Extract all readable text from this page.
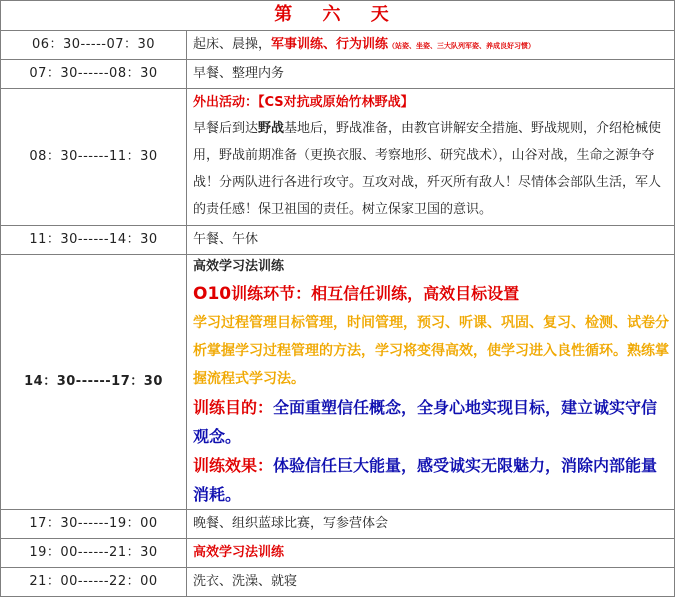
第 六 天	
06：30-----07：30	起床、晨操，军事训练、行为训练（站姿、坐姿、三大队列军姿、养成良好习惯）
07：30------08：30	早餐、整理内务
08：30------11：30	外出活动：【CS对抗或原始竹林野战】
早餐后到达野战基地后，野战准备，由教官讲解安全措施、野战规则，介绍枪械使用，野战前期准备（更换衣服、考察地形、研究战术），山谷对战，生命之源争夺战！分两队进行各进行攻守。互攻对战，歼灭所有敌人！尽情体会部队生活，军人的责任感！保卫祖国的责任。树立保家卫国的意识。

11：30------14：30	午餐、午休
14：30------17：30	高效学习法训练
O10训练环节：相互信任训练，高效目标设置
学习过程管理目标管理，时间管理，预习、听课、巩固、复习、检测、试卷分析掌握学习过程管理的方法，学习将变得高效，使学习进入良性循环。熟练掌握流程式学习法。
训练目的：全面重塑信任概念，全身心地实现目标，建立诚实守信观念。
训练效果：体验信任巨大能量，感受诚实无限魅力，消除内部能量消耗。

17：30------19：00	晚餐、组织蓝球比赛，写参营体会
19：00------21：30	高效学习法训练
21：00------22：00	洗衣、洗澡、就寝
